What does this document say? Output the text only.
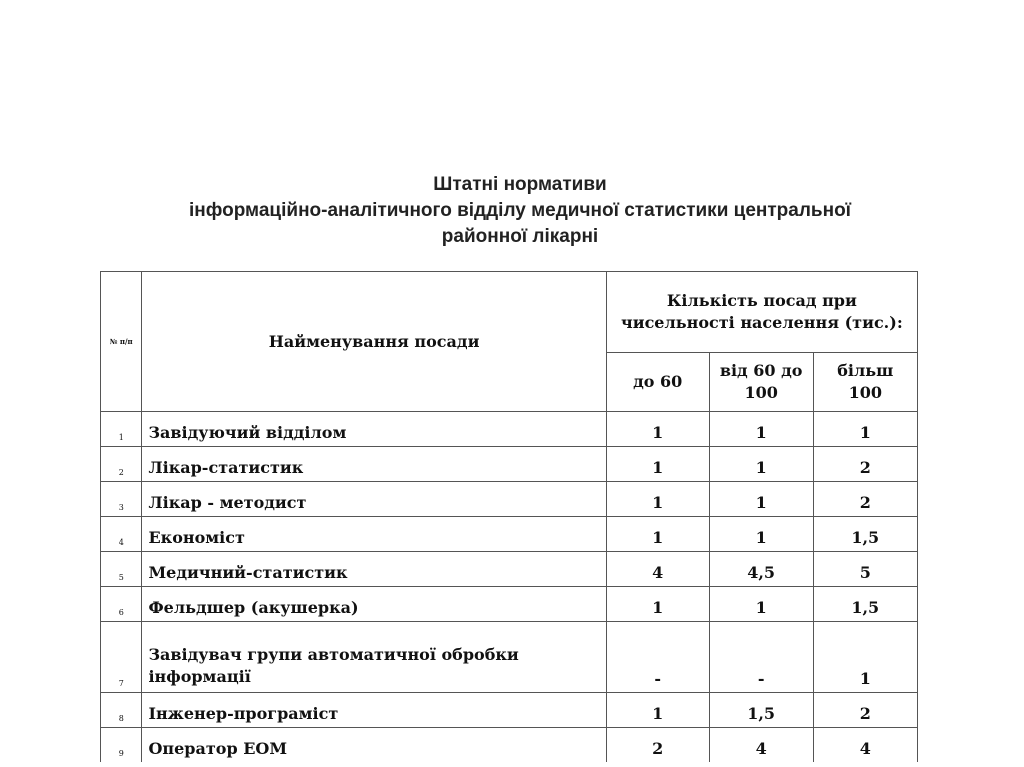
Штатні нормативи
інформаційно-аналітичного відділу медичної статистики центральної
районної лікарні
№ п/п	Найменування посади	Кількість посад при чисельності населення (тис.):		
		до 60	від 60 до 100	більш 100
1	Завідуючий відділом	1	1	1
2	Лікар-статистик	1	1	2
3	Лікар - методист	1	1	2
4	Економіст	1	1	1,5
5	Медичний-статистик	4	4,5	5
6	Фельдшер (акушерка)	1	1	1,5
7	Завідувач групи автоматичної обробки інформації	-	-	1
8	Інженер-програміст	1	1,5	2
9	Оператор ЕОМ	2	4	4
